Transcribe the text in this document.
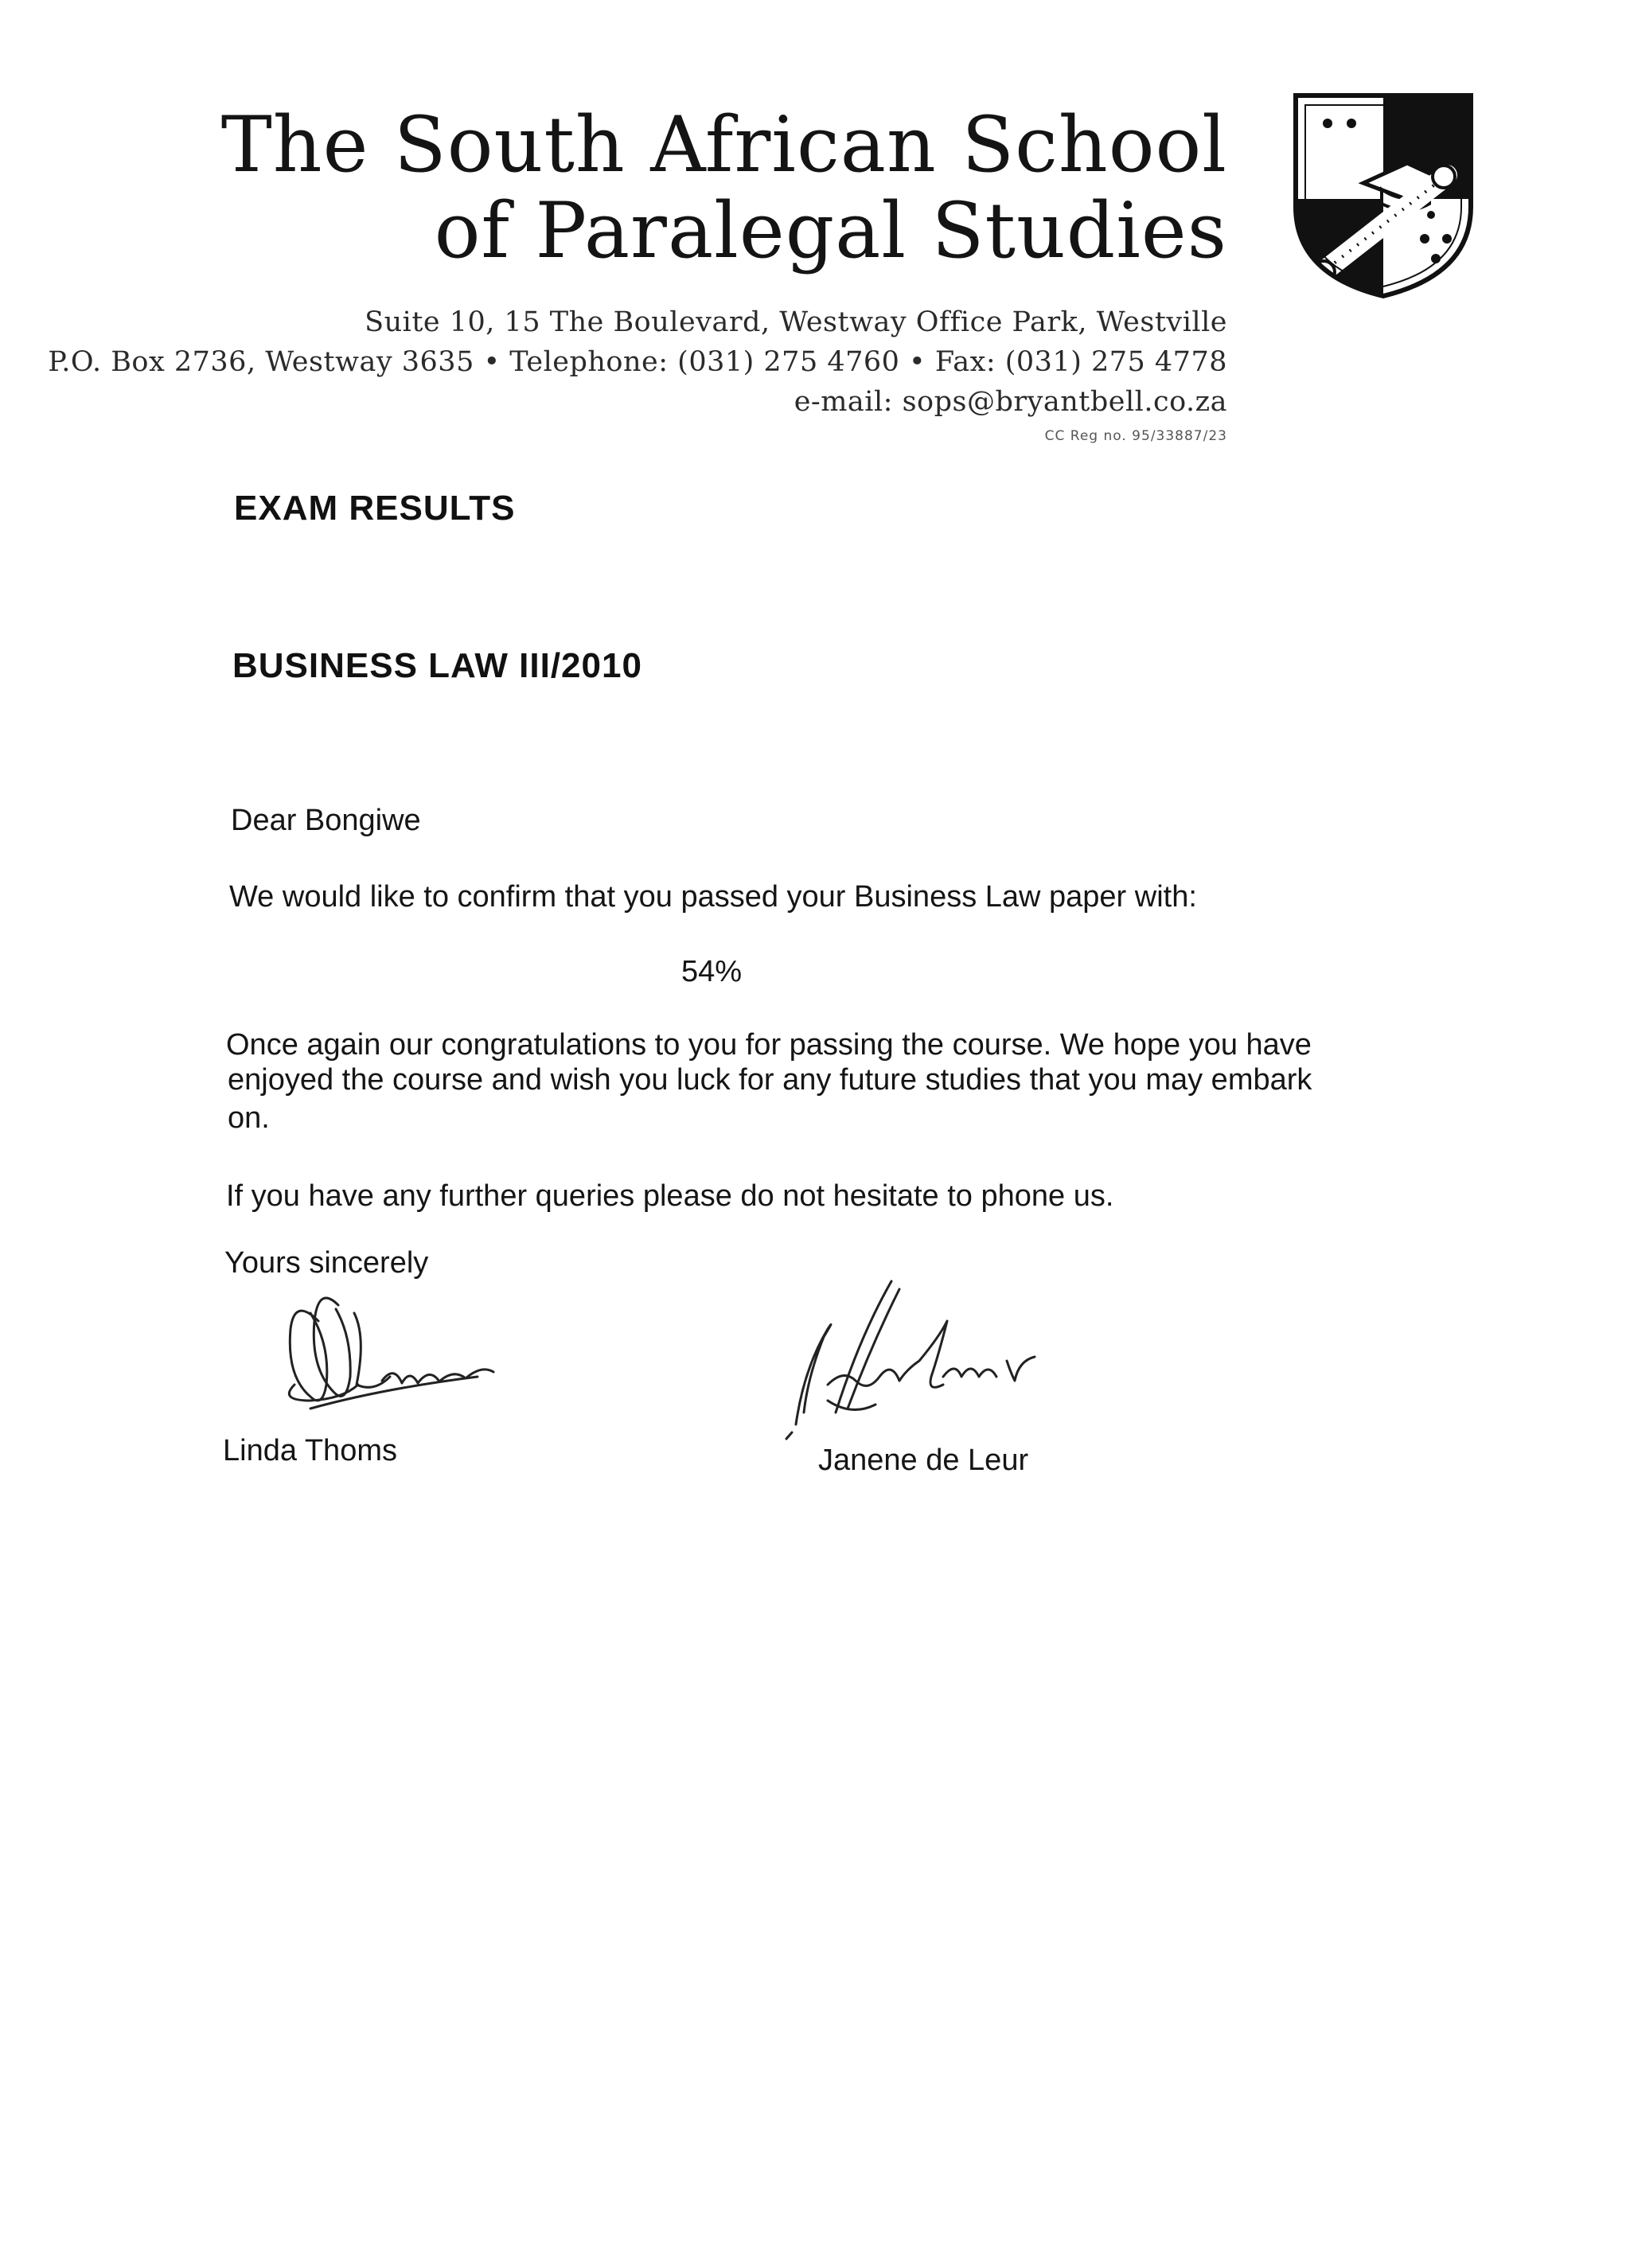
The South African School
of Paralegal Studies
Suite 10, 15 The Boulevard, Westway Office Park, Westville
P.O. Box 2736, Westway 3635 • Telephone: (031) 275 4760 • Fax: (031) 275 4778
e-mail: sops@bryantbell.co.za
CC Reg no. 95/33887/23
EXAM RESULTS
BUSINESS LAW III/2010
Dear Bongiwe
We would like to confirm that you passed your Business Law paper with:
54%
Once again our congratulations to you for passing the course. We hope you have
enjoyed the course and wish you luck for any future studies that you may embark
on.
If you have any further queries please do not hesitate to phone us.
Yours sincerely
Linda Thoms	Janene de Leur
